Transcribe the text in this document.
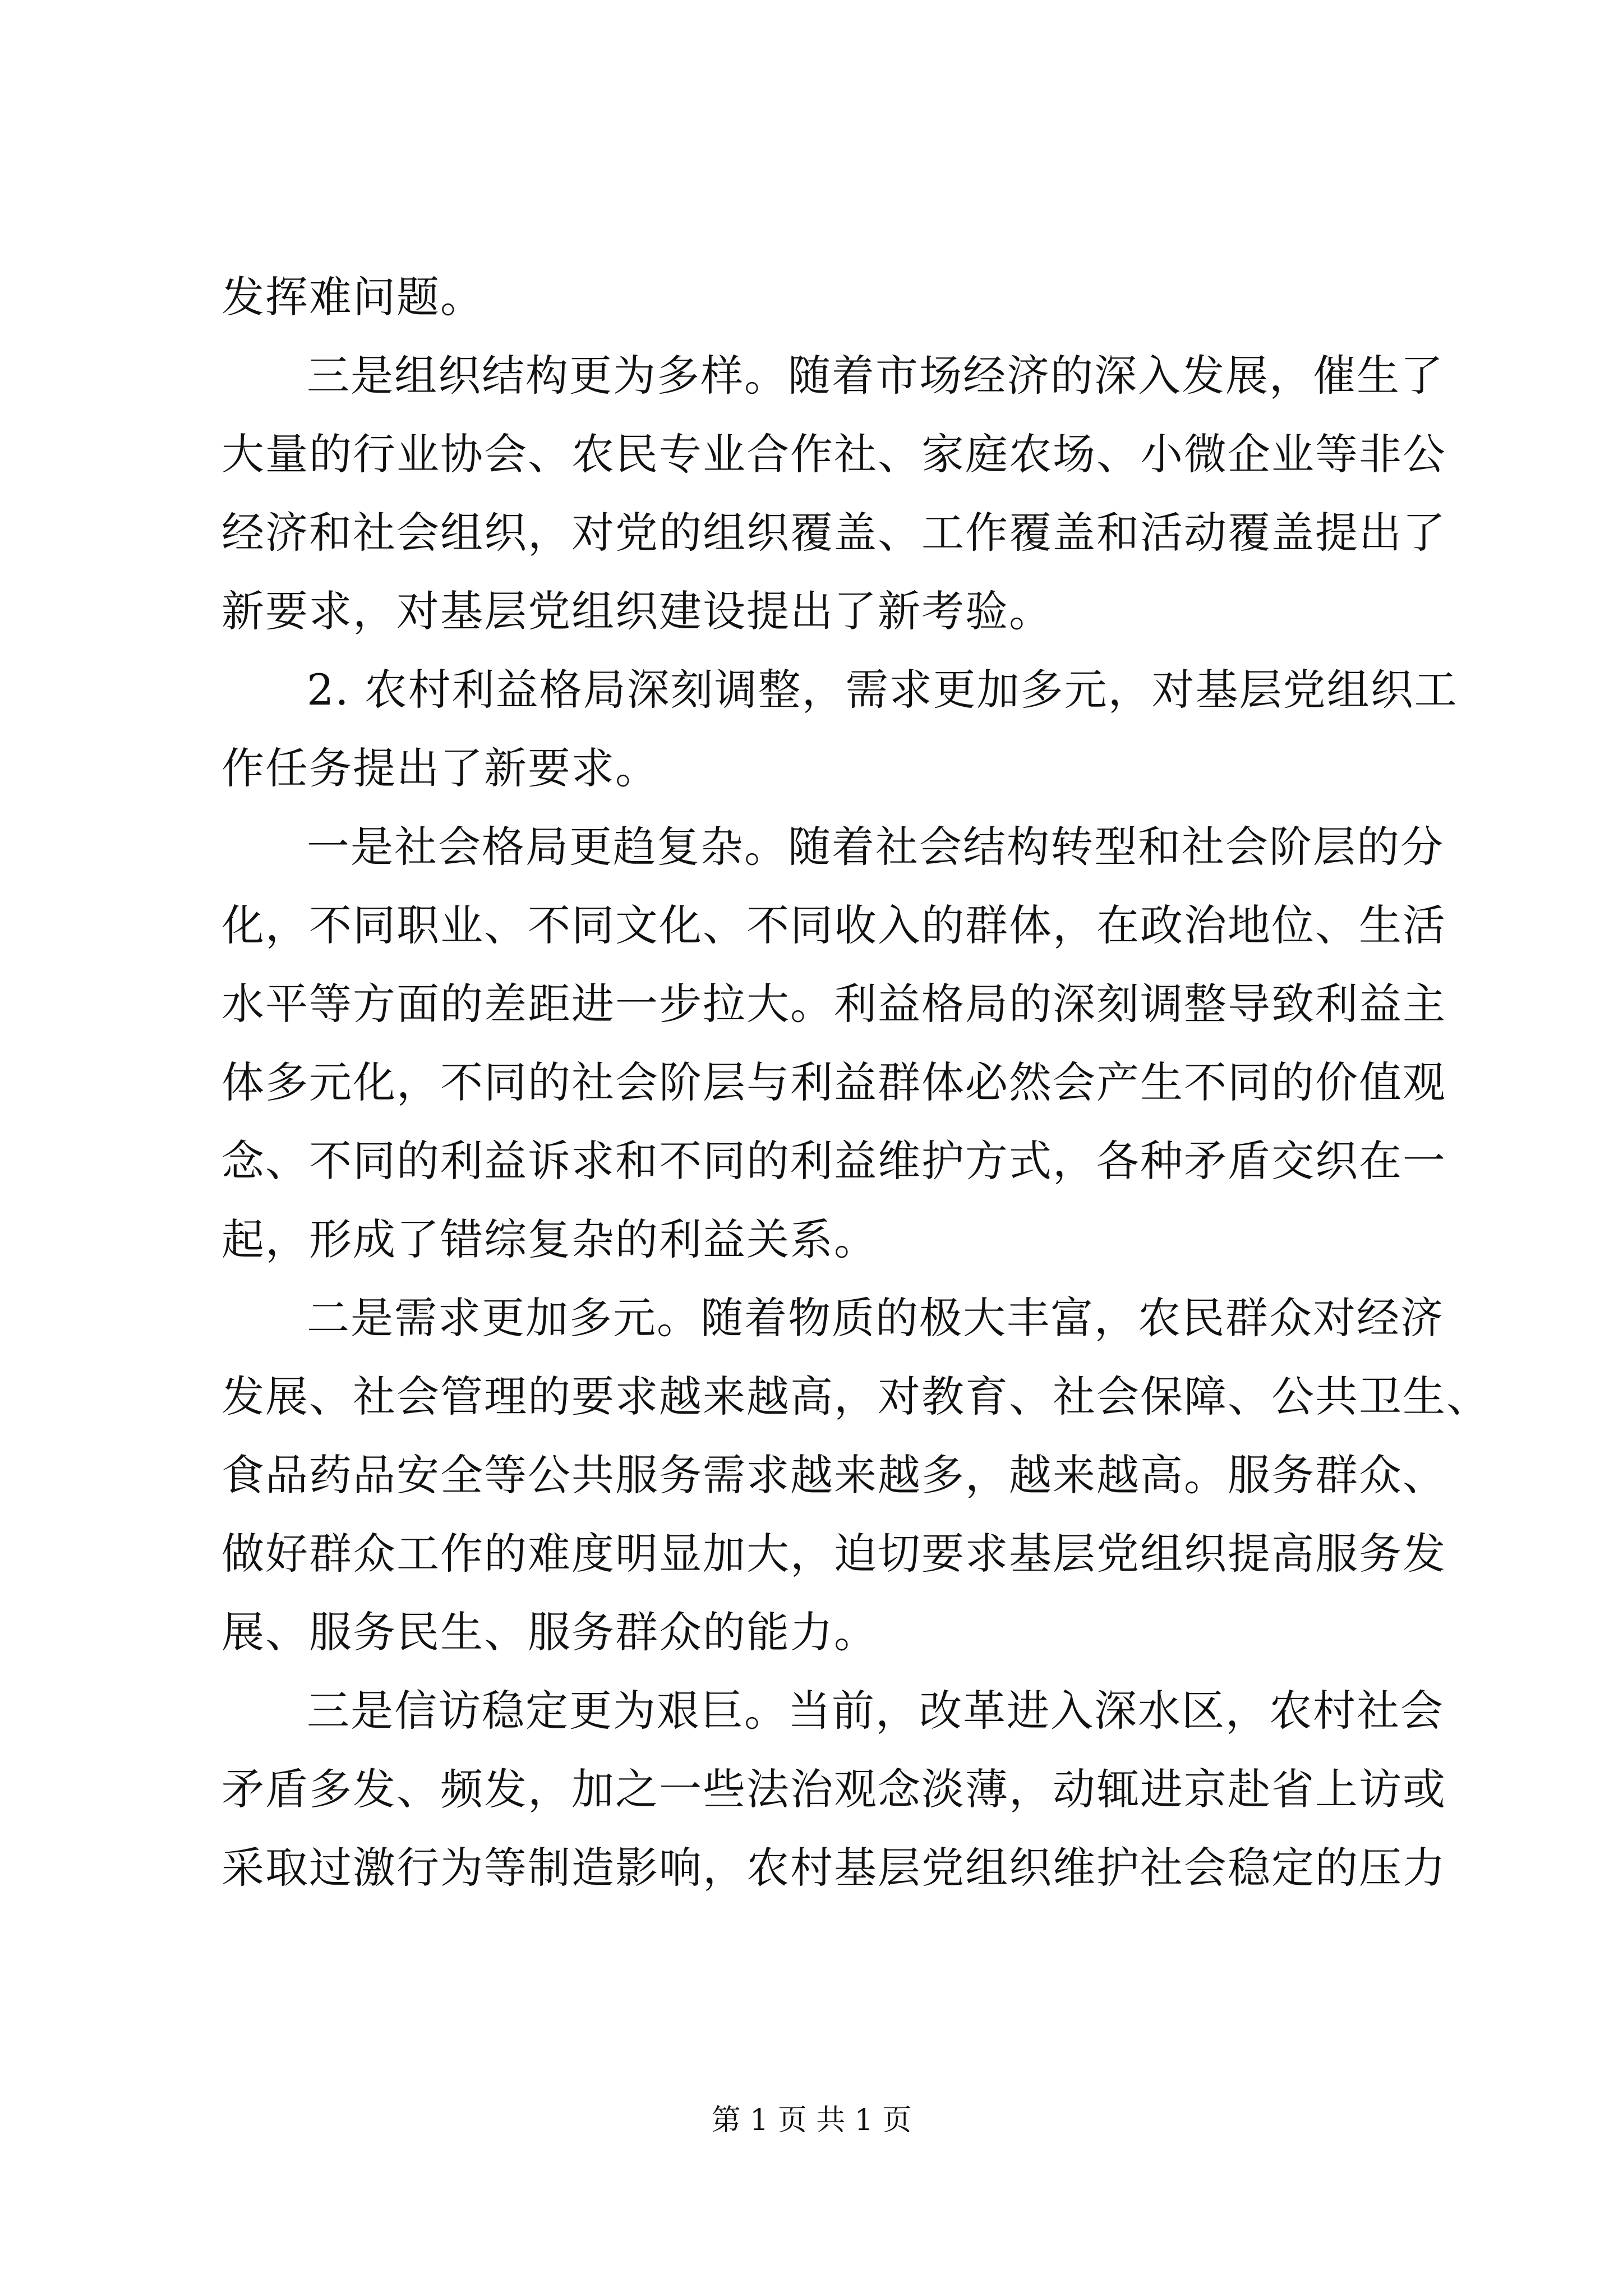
发挥难问题。
三是组织结构更为多样。随着市场经济的深入发展，催生了
大量的行业协会、农民专业合作社、家庭农场、小微企业等非公
经济和社会组织，对党的组织覆盖、工作覆盖和活动覆盖提出了
新要求，对基层党组织建设提出了新考验。
2. 农村利益格局深刻调整，需求更加多元，对基层党组织工
作任务提出了新要求。
一是社会格局更趋复杂。随着社会结构转型和社会阶层的分
化，不同职业、不同文化、不同收入的群体，在政治地位、生活
水平等方面的差距进一步拉大。利益格局的深刻调整导致利益主
体多元化，不同的社会阶层与利益群体必然会产生不同的价值观
念、不同的利益诉求和不同的利益维护方式，各种矛盾交织在一
起，形成了错综复杂的利益关系。
二是需求更加多元。随着物质的极大丰富，农民群众对经济
发展、社会管理的要求越来越高，对教育、社会保障、公共卫生、
食品药品安全等公共服务需求越来越多，越来越高。服务群众、
做好群众工作的难度明显加大，迫切要求基层党组织提高服务发
展、服务民生、服务群众的能力。
三是信访稳定更为艰巨。当前，改革进入深水区，农村社会
矛盾多发、频发，加之一些法治观念淡薄，动辄进京赴省上访或
采取过激行为等制造影响，农村基层党组织维护社会稳定的压力
第 1 页 共 1 页
